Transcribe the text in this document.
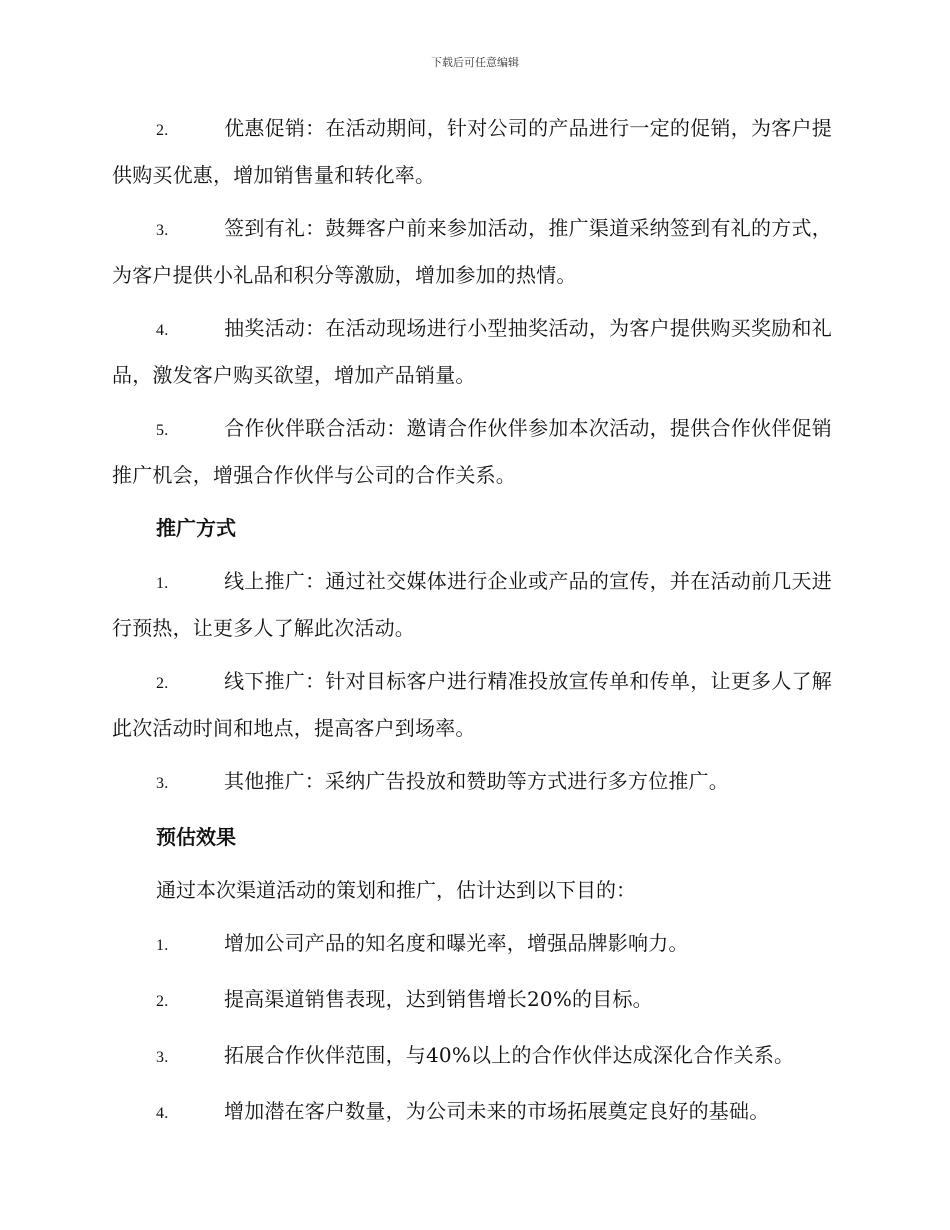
下载后可任意编辑

2.	优惠促销：在活动期间，针对公司的产品进行一定的促销，为客户提供购买优惠，增加销售量和转化率。

3.	签到有礼：鼓舞客户前来参加活动，推广渠道采纳签到有礼的方式，为客户提供小礼品和积分等激励，增加参加的热情。

4.	抽奖活动：在活动现场进行小型抽奖活动，为客户提供购买奖励和礼品，激发客户购买欲望，增加产品销量。

5.	合作伙伴联合活动：邀请合作伙伴参加本次活动，提供合作伙伴促销推广机会，增强合作伙伴与公司的合作关系。

推广方式

1.	线上推广：通过社交媒体进行企业或产品的宣传，并在活动前几天进行预热，让更多人了解此次活动。

2.	线下推广：针对目标客户进行精准投放宣传单和传单，让更多人了解此次活动时间和地点，提高客户到场率。

3.	其他推广：采纳广告投放和赞助等方式进行多方位推广。

预估效果

通过本次渠道活动的策划和推广，估计达到以下目的：

1.	增加公司产品的知名度和曝光率，增强品牌影响力。

2.	提高渠道销售表现，达到销售增长20%的目标。

3.	拓展合作伙伴范围，与40%以上的合作伙伴达成深化合作关系。

4.	增加潜在客户数量，为公司未来的市场拓展奠定良好的基础。
